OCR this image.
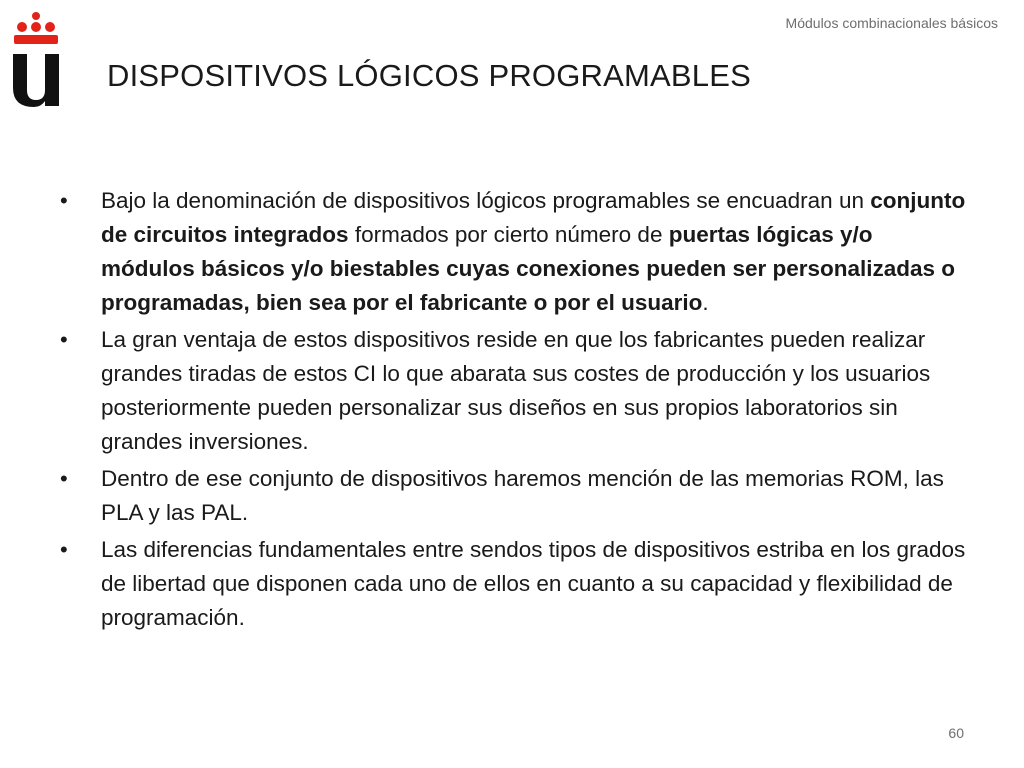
Módulos combinacionales básicos
DISPOSITIVOS LÓGICOS PROGRAMABLES
•	Bajo la denominación de dispositivos lógicos programables se encuadran un conjunto de circuitos integrados formados por cierto número de puertas lógicas y/o módulos básicos y/o biestables cuyas conexiones pueden ser personalizadas o programadas, bien sea por el fabricante o por el usuario.
•	La gran ventaja de estos dispositivos reside en que los fabricantes pueden realizar grandes tiradas de estos CI lo que abarata sus costes de producción y los usuarios posteriormente pueden personalizar sus diseños en sus propios laboratorios sin grandes inversiones.
•	Dentro de ese conjunto de dispositivos haremos mención de las memorias ROM, las PLA y las PAL.
•	Las diferencias fundamentales entre sendos tipos de dispositivos estriba en los grados de libertad que disponen cada uno de ellos en cuanto a su capacidad y flexibilidad de programación.
60
